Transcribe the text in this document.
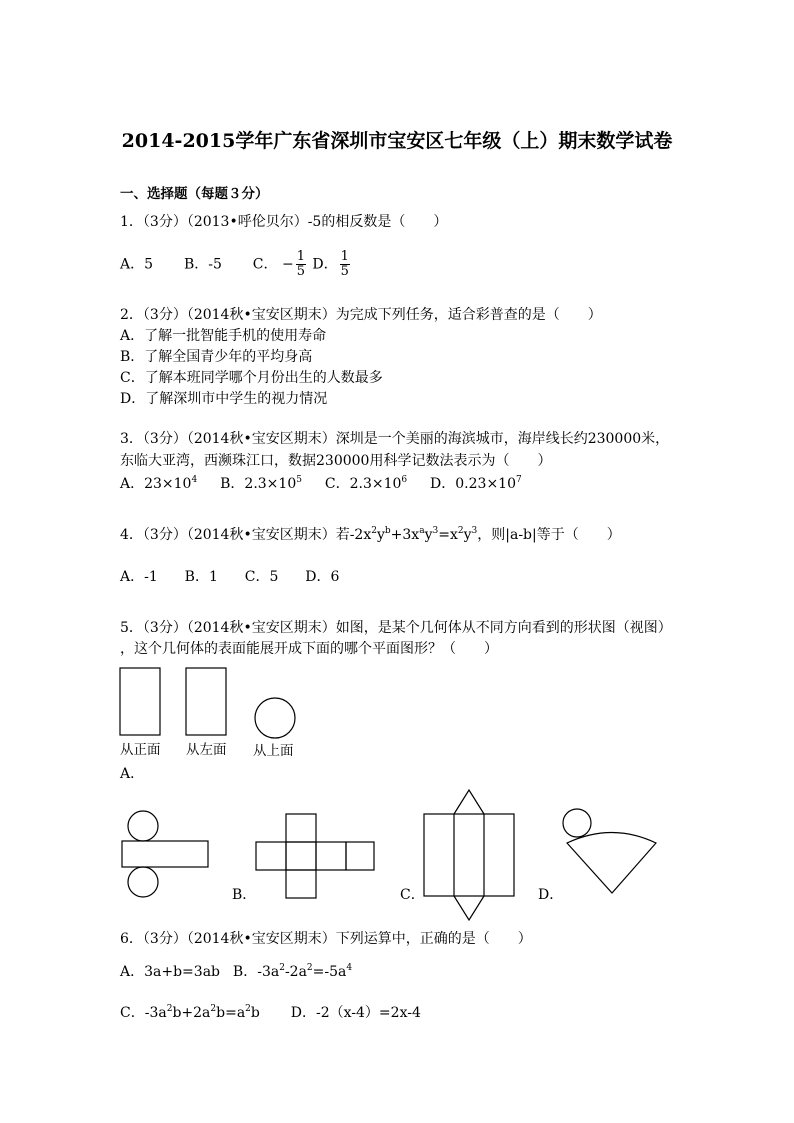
2014-2015学年广东省深圳市宝安区七年级（上）期末数学试卷
一、选择题（每题３分）
1．（3分）（2013•呼伦贝尔）-5的相反数是（　　）
A．5 B．-5 C． − $\frac{1}{5}$ D． $\frac{1}{5}$
2．（3分）（2014秋•宝安区期末）为完成下列任务，适合彩普查的是（　　）
A．了解一批智能手机的使用寿命
B．了解全国青少年的平均身高
C．了解本班同学哪个月份出生的人数最多
D．了解深圳市中学生的视力情况
3．（3分）（2014秋•宝安区期末）深圳是一个美丽的海滨城市，海岸线长约230000米，
东临大亚湾，西濒珠江口，数据230000用科学记数法表示为（　　）
A．$23\times 10^4$ B．$2.3\times 10^5$ C．$2.3\times 10^6$ D．$0.23\times 10^7$
4．（3分）（2014秋•宝安区期末）若$-2x^2y^b+3x^ay^3=x^2y^3$，则|a-b|等于（　　）
A．-1 B．1 C．5 D．6
5．（3分）（2014秋•宝安区期末）如图，是某个几何体从不同方向看到的形状图（视图）
，这个几何体的表面能展开成下面的哪个平面图形？（　　）
从正面 从左面 从上面
A．
B．	C．	D．
6．（3分）（2014秋•宝安区期末）下列运算中，正确的是（　　）
A．3a+b=3ab B．$-3a^2-2a^2=-5a^4$
C．$-3a^2b+2a^2b=a^2b$ D．-2（x-4）=2x-4
